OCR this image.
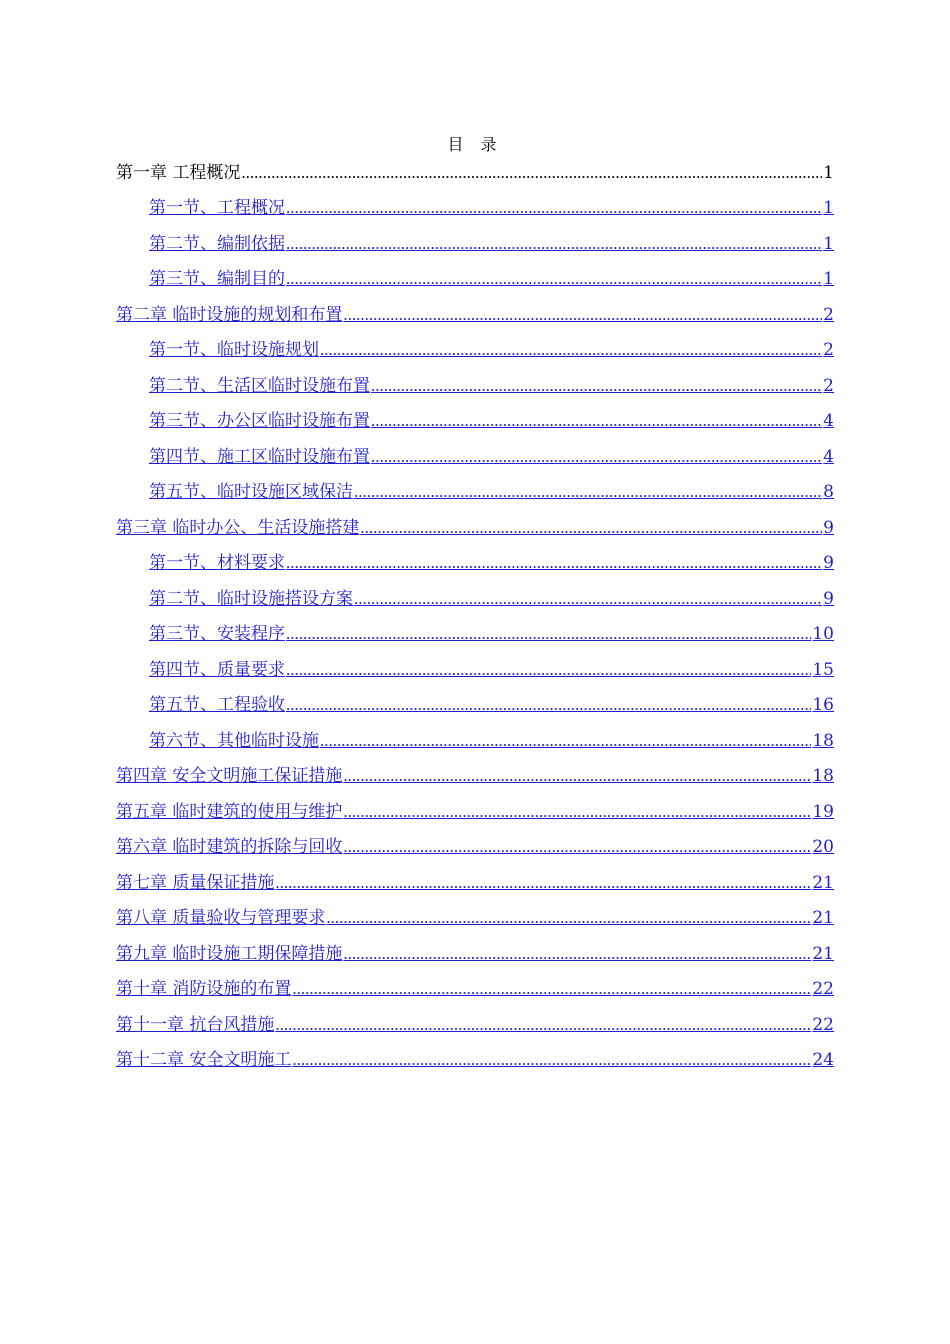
目 录
第一章 工程概况 .....	1
第一节、工程概况 .....	1
第二节、编制依据 .....	1
第三节、编制目的 .....	1
第二章 临时设施的规划和布置 .....	2
第一节、临时设施规划 .....	2
第二节、生活区临时设施布置 .....	2
第三节、办公区临时设施布置 .....	4
第四节、施工区临时设施布置 .....	4
第五节、临时设施区域保洁 .....	8
第三章 临时办公、生活设施搭建 .....	9
第一节、材料要求 .....	9
第二节、临时设施搭设方案 .....	9
第三节、安装程序 .....	10
第四节、质量要求 .....	15
第五节、工程验收 .....	16
第六节、其他临时设施 .....	18
第四章 安全文明施工保证措施 .....	18
第五章 临时建筑的使用与维护 .....	19
第六章 临时建筑的拆除与回收 .....	20
第七章 质量保证措施 .....	21
第八章 质量验收与管理要求 .....	21
第九章 临时设施工期保障措施 .....	21
第十章 消防设施的布置 .....	22
第十一章 抗台风措施 .....	22
第十二章 安全文明施工 .....	24
